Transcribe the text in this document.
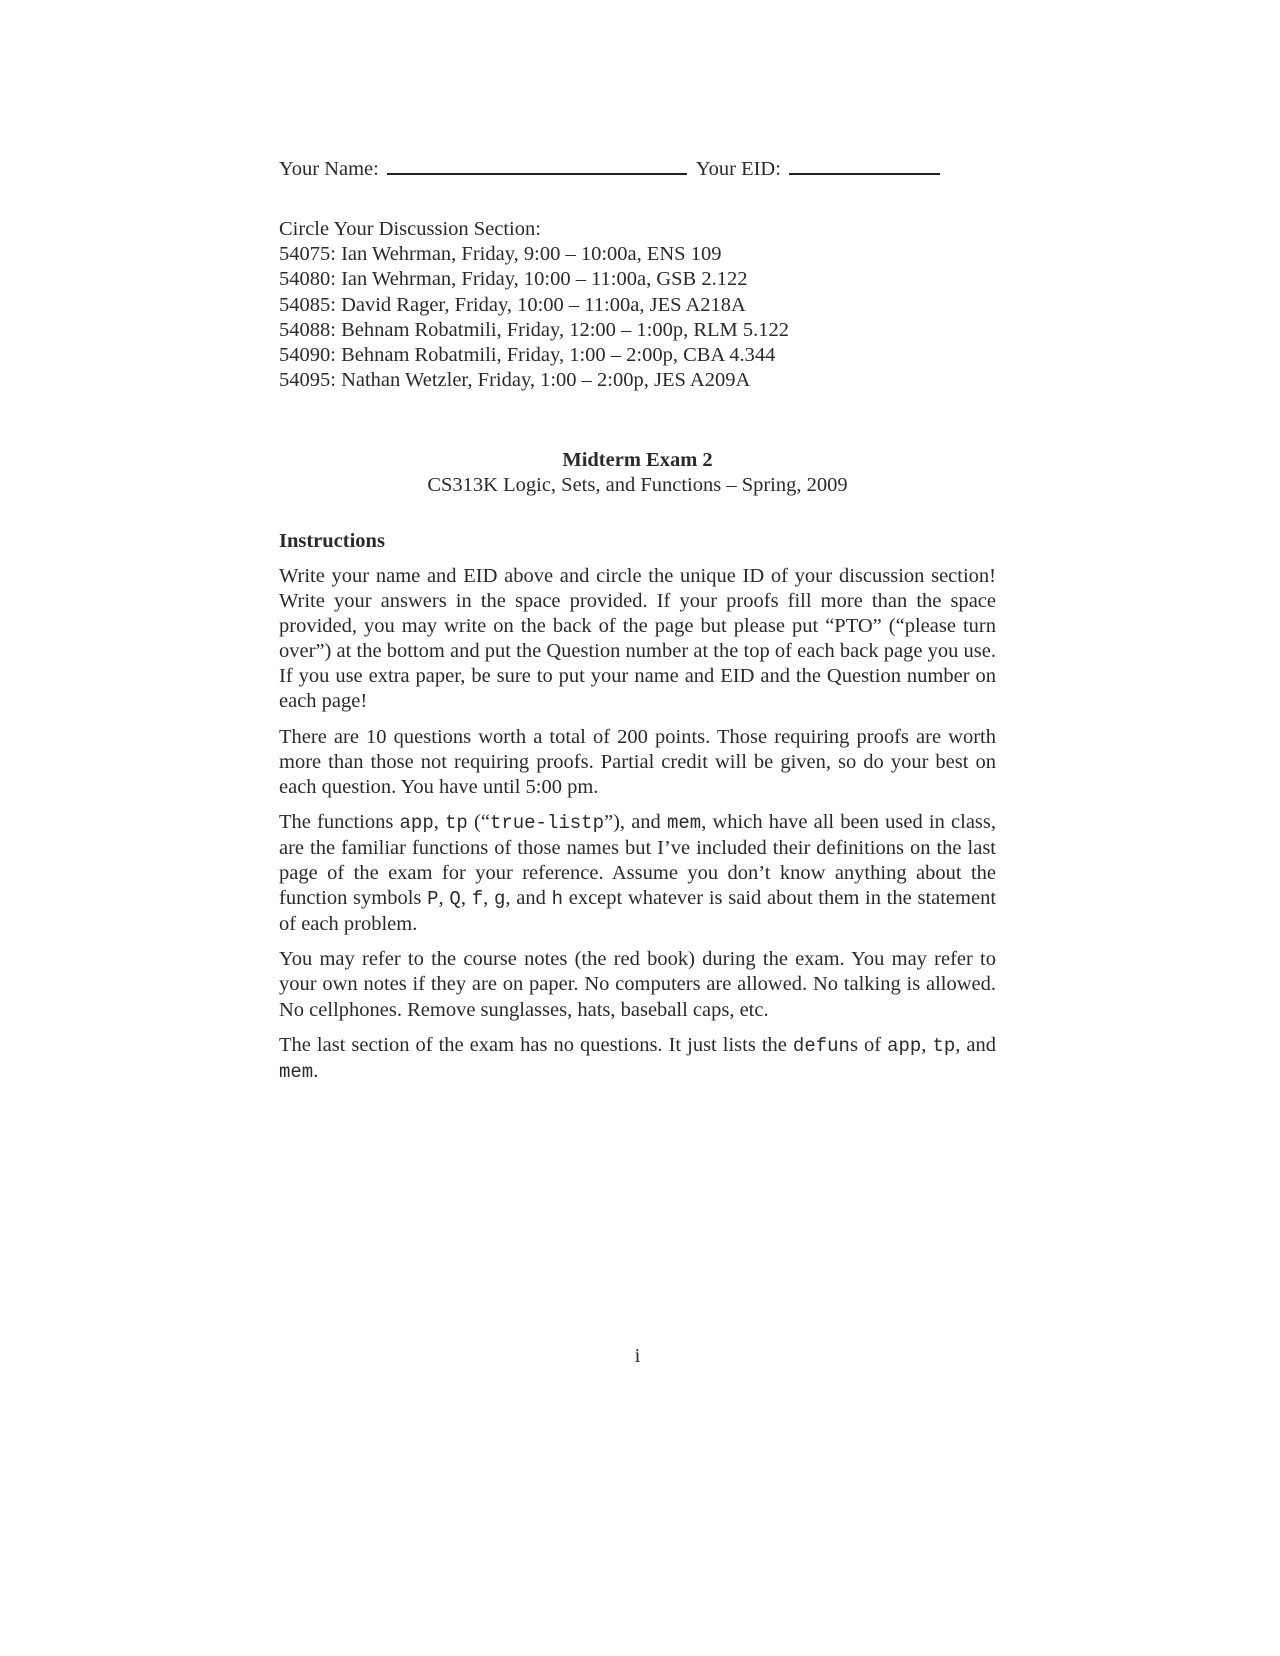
Your Name:	Your EID:
Circle Your Discussion Section:
54075: Ian Wehrman, Friday, 9:00 – 10:00a, ENS 109
54080: Ian Wehrman, Friday, 10:00 – 11:00a, GSB 2.122
54085: David Rager, Friday, 10:00 – 11:00a, JES A218A
54088: Behnam Robatmili, Friday, 12:00 – 1:00p, RLM 5.122
54090: Behnam Robatmili, Friday, 1:00 – 2:00p, CBA 4.344
54095: Nathan Wetzler, Friday, 1:00 – 2:00p, JES A209A
Midterm Exam 2
CS313K Logic, Sets, and Functions – Spring, 2009
Instructions

Write your name and EID above and circle the unique ID of your discussion section! Write your answers in the space provided. If your proofs fill more than the space provided, you may write on the back of the page but please put “PTO” (“please turn over”) at the bottom and put the Question number at the top of each back page you use. If you use extra paper, be sure to put your name and EID and the Question number on each page!

There are 10 questions worth a total of 200 points. Those requiring proofs are worth more than those not requiring proofs. Partial credit will be given, so do your best on each question. You have until 5:00 pm.

The functions app, tp (“true-listp”), and mem, which have all been used in class, are the familiar functions of those names but I’ve included their definitions on the last page of the exam for your reference. Assume you don’t know anything about the function symbols P, Q, f, g, and h except whatever is said about them in the statement of each problem.

You may refer to the course notes (the red book) during the exam. You may refer to your own notes if they are on paper. No computers are allowed. No talking is allowed. No cellphones. Remove sunglasses, hats, baseball caps, etc.

The last section of the exam has no questions. It just lists the defuns of app, tp, and mem.

i
